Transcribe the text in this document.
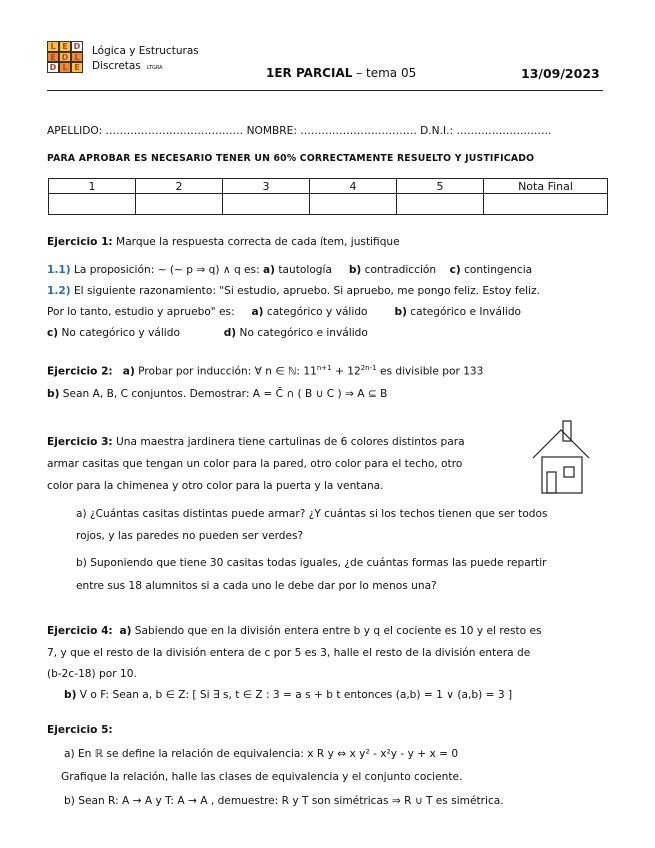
L E D
E D L
D L E
Lógica y Estructuras
Discretas LTGRA	1ER PARCIAL – tema 05	13/09/2023
APELLIDO: ………………………………… NOMBRE: …………………………… D.N.I.: ……………….……..
PARA APROBAR ES NECESARIO TENER UN 60% CORRECTAMENTE RESUELTO Y JUSTIFICADO
1	2	3	4	5	Nota Final

Ejercicio 1: Marque la respuesta correcta de cada ítem, justifique
1.1) La proposición: ∼ (∼ p ⇒ q) ∧ q es: a) tautología b) contradicción c) contingencia
1.2) El siguiente razonamiento: "Si estudio, apruebo. Si apruebo, me pongo feliz. Estoy feliz.
Por lo tanto, estudio y apruebo" es: a) categórico y válido	b) categórico e Inválido
c) No categórico y válido	d) No categórico e inválido
Ejercicio 2: a) Probar por inducción: ∀ n ∈ ℕ: $11^{n+1} + 12^{2n-1}$ es divisible por 133
b) Sean A, B, C conjuntos. Demostrar: A = C̄ ∩ ( B ∪ C ) ⇒ A ⊆ B
Ejercicio 3: Una maestra jardinera tiene cartulinas de 6 colores distintos para
armar casitas que tengan un color para la pared, otro color para el techo, otro
color para la chimenea y otro color para la puerta y la ventana.
a) ¿Cuántas casitas distintas puede armar? ¿Y cuántas si los techos tienen que ser todos
rojos, y las paredes no pueden ser verdes?
b) Suponiendo que tiene 30 casitas todas iguales, ¿de cuántas formas las puede repartir
entre sus 18 alumnitos si a cada uno le debe dar por lo menos una?
Ejercicio 4: a) Sabiendo que en la división entera entre b y q el cociente es 10 y el resto es
7, y que el resto de la división entera de c por 5 es 3, halle el resto de la división entera de
(b-2c-18) por 10.
b) V o F: Sean a, b ∈ Z: [ Si ∃ s, t ∈ Z : 3 = a s + b t entonces (a,b) = 1 ∨ (a,b) = 3 ]
Ejercicio 5:
a) En ℝ se define la relación de equivalencia: x R y ⇔ x y² - x²y - y + x = 0
Grafique la relación, halle las clases de equivalencia y el conjunto cociente.
b) Sean R: A → A y T: A → A , demuestre: R y T son simétricas ⇒ R ∪ T es simétrica.
